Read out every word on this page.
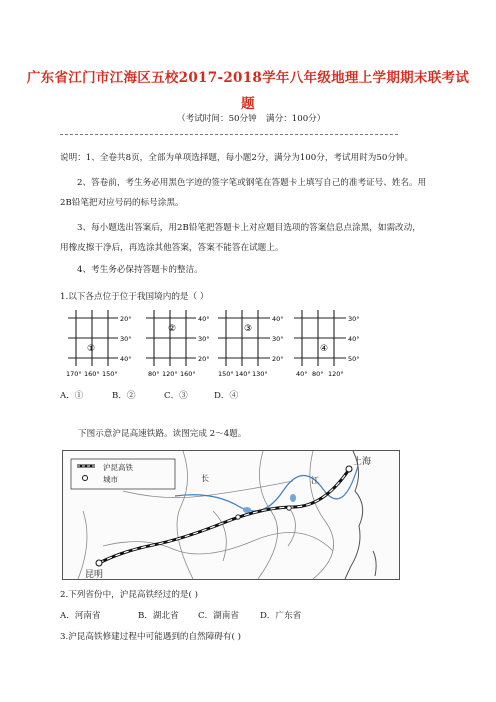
广东省江门市江海区五校2017-2018学年八年级地理上学期期末联考试
题
（考试时间：50分钟 满分：100分）
说明：1、全卷共8页，全部为单项选择题，每小题2分，满分为100分，考试用时为50分钟。
2、答卷前，考生务必用黑色字迹的签字笔或钢笔在答题卡上填写自己的准考证号、姓名。用
2B铅笔把对应号码的标号涂黑。
3、每小题选出答案后，用2B铅笔把答题卡上对应题目选项的答案信息点涂黑，如需改动，
用橡皮擦干净后，再选涂其他答案，答案不能答在试题上。
4、考生务必保持答题卡的整洁。
1.以下各点位于位于我国境内的是（ ）
20°
30°
40°
170° 160° 150°
①
40°
30°
20°
80° 120° 160°
②
40°
30°
20°
150° 140° 130°
③
30°
40°
50°
40° 80° 120°
④
A．①	B．②	C．③	D．④
下图示意沪昆高速铁路。读图完成 2～4题。
沪昆高铁
城市
上海
昆明
长	江
2.下列省份中，沪昆高铁经过的是( )
A．河南省	B．湖北省 C．湖南省 D．广东省
3.沪昆高铁修建过程中可能遇到的自然障碍有( )
